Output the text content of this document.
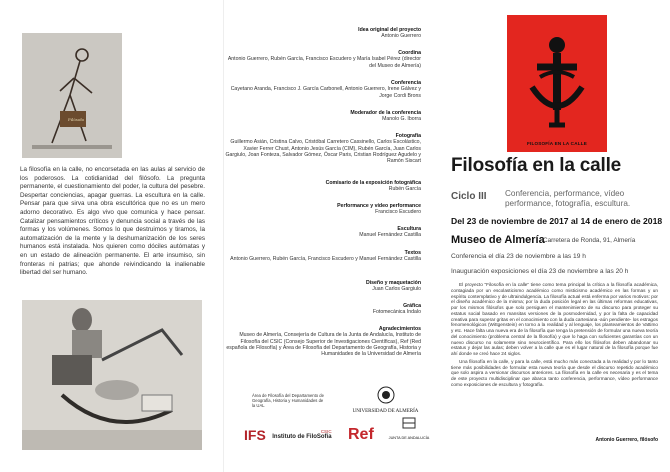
Filósofo

La filosofía en la calle, no encorsetada en las aulas al servicio de los poderosos. La cotidianidad del filósofo. La pregunta permanente, el cuestionamiento del poder, la cultura del pesebre. Despertar conciencias, apagar guerras. La escultura en la calle. Pensar para que sirva una obra escultórica que no es un mero adorno decorativo. Es algo vivo que comunica y hace pensar. Catalizar pensamientos críticos y denuncia social a través de las formas y los volúmenes. Somos lo que destruimos y tiramos, la automatización de la mente y la deshumanización de los seres humanos está instalada. Nos quieren como dóciles autómatas y en un estado de alineación permanente. El arte insumiso, sin fronteras ni patrias; que ahonde reivindicando la inalienable libertad del ser humano.

Idea original del proyecto
Antonio Guerrero
Coordina
Antonio Guerrero, Rubén García, Francisco Escudero y María Isabel Pérez (director del Museo de Almería)
Conferencia
Cayetano Aranda, Francisco J. García Carbonell, Antonio Guerrero, Irene Gálvez y Jorge Cordi Brons
Moderador de la conferencia
Manolo G. Iborra
Fotografía
Guillermo Asián, Cristina Calvo, Cristóbal Carretero Cassinello, Carlos Escolástico, Xavier Ferrer Chust, Antonio Jesús García (CIM), Rubén García, Juan Carlos Gargiulo, Joan Fonteza, Salvador Gómez, Óscar Paris, Cristian Rodríguez Agudelo y Ramón Siscart
Comisario de la exposición fotográfica
Rubén García
Performance y vídeo performance
Francisco Escudero
Escultura
Manuel Fernández Castilla
Textos
Antonio Guerrero, Rubén García, Francisco Escudero y Manuel Fernández Castilla
Diseño y maquetación
Juan Carlos Gargiulo
Gráfica
Fotomecánica Indalo
Agradecimientos
Museo de Almería, Consejería de Cultura de la Junta de Andalucía, Instituto de Filosofía del CSIC (Consejo Superior de Investigaciones Científicas), Ref (Red española de Filosofía) y Área de Filosofía del Departamento de Geografía, Historia y Humanidades de la Universidad de Almería
Área de Filosofía del Departamento de Geografía, Historia y Humanidades de la UAL
UNIVERSIDAD DE ALMERÍA
IFS	CSIC
Instituto de FiloSofía Ref	JUNTA DE ANDALUCÍA
FILOSOFÍA EN LA CALLE
Filosofía en la calle
Ciclo III Conferencia, performance, vídeo performance, fotografía, escultura.
Del 23 de noviembre de 2017 al 14 de enero de 2018
Museo de Almería
Carretera de Ronda, 91, Almería
Conferencia el día 23 de noviembre a las 19 h
Inauguración exposiciones el día 23 de noviembre a las 20 h

El proyecto “Filosofía en la calle” tiene como tema principal la crítica a la filosofía académica, contagiada por un escolasticismo académico como misticismo académico en las formas y un espíritu contemplativo y de ultraindulgencia. La filosofía actual está enferma por varios motivos: por el diseño académico de la misma; por la duda posición legal en las últimas reformas educativas, por los mismos filósofos que solo persiguen el mantenimiento de su discurso para proteger su estatus social basado en mansitas versiones de la posmodernidad, y por la falta de capacidad creativa para superar gritas en el conocimiento con la duda cartesiana -aún pendiente- los estragos fenomenológicos (Wittgenstein) en torno a la realidad y al lenguaje, los planteamientos de Vattimo y etc. Hace falta una nueva era de la filosofía que tenga la pretensión de formular una nueva teoría del conocimiento (problema central de la filosofía) y que lo haga con suficientes garantías con un nuevo discurso no solamente sino neurocientífico. Para ello los filósofos deben abandonar su estatus y dejar las aulas; deben volver a la calle que es el lugar natural de la filosofía porque fue ahí donde se creó hace 24 siglos.

Una filosofía en la calle, y para la calle, está mucho más conectada a la realidad y por lo tanto tiene más posibilidades de formular esta nueva teoría que desde el discurso repetido académico que solo aspira a versionar discursos anteriores. La filosofía en la calle es necesaria y es el tema de este proyecto multidisciplinar que abarca tanto conferencia, performance, vídeo performance como exposiciones de escultura y fotografía.

Antonio Guerrero, filósofo
